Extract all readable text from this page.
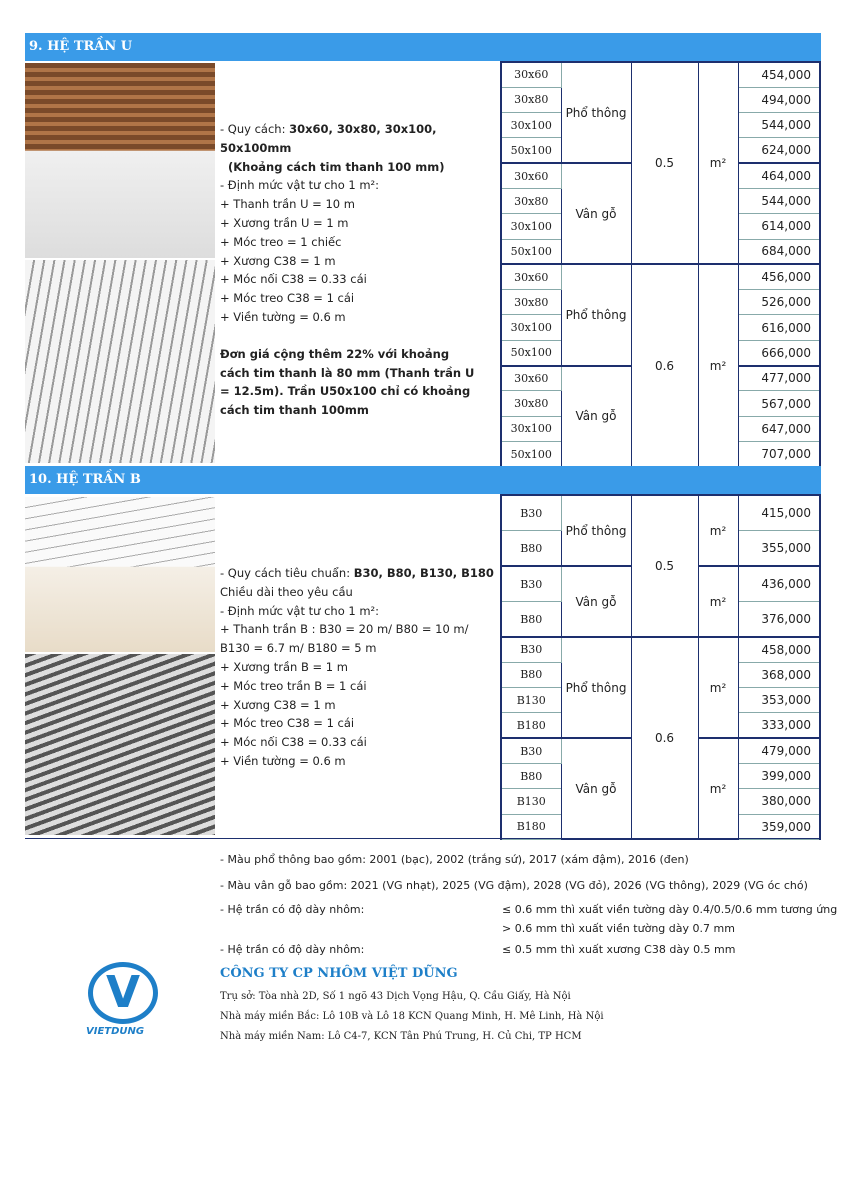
9. HỆ TRẦN U
- Quy cách: 30x60, 30x80, 30x100, 50x100mm
(Khoảng cách tim thanh 100 mm)
- Định mức vật tư cho 1 m²:
+ Thanh trần U = 10 m
+ Xương trần U = 1 m
+ Móc treo = 1 chiếc
+ Xương C38 = 1 m
+ Móc nối C38 = 0.33 cái
+ Móc treo C38 = 1 cái
+ Viền tường = 0.6 m
Đơn giá cộng thêm 22% với khoảng cách tim thanh là 80 mm (Thanh trần U = 12.5m). Trần U50x100 chỉ có khoảng cách tim thanh 100mm
30x60	Phổ thông	0.5	m²	454,000
30x80				494,000
30x100				544,000
50x100				624,000
30x60	Vân gỗ			464,000
30x80				544,000
30x100				614,000
50x100				684,000
30x60	Phổ thông	0.6	m²	456,000
30x80				526,000
30x100				616,000
50x100				666,000
30x60	Vân gỗ			477,000
30x80				567,000
30x100				647,000
50x100				707,000
10. HỆ TRẦN B
- Quy cách tiêu chuẩn: B30, B80, B130, B180
Chiều dài theo yêu cầu
- Định mức vật tư cho 1 m²:
+ Thanh trần B : B30 = 20 m/ B80 = 10 m/ B130 = 6.7 m/ B180 = 5 m
+ Xương trần B = 1 m
+ Móc treo trần B = 1 cái
+ Xương C38 = 1 m
+ Móc treo C38 = 1 cái
+ Móc nối C38 = 0.33 cái
+ Viền tường = 0.6 m
B30	Phổ thông	0.5	m²	415,000
B80				355,000
B30	Vân gỗ		m²	436,000
B80				376,000
B30	Phổ thông	0.6	m²	458,000
B80				368,000
B130				353,000
B180				333,000
B30	Vân gỗ		m²	479,000
B80				399,000
B130				380,000
B180				359,000
- Màu phổ thông bao gồm: 2001 (bạc), 2002 (trắng sứ), 2017 (xám đậm), 2016 (đen)
- Màu vân gỗ bao gồm: 2021 (VG nhạt), 2025 (VG đậm), 2028 (VG đỏ), 2026 (VG thông), 2029 (VG óc chó)
- Hệ trần có độ dày nhôm:	≤ 0.6 mm thì xuất viền tường dày 0.4/0.5/0.6 mm tương ứng
> 0.6 mm thì xuất viền tường dày 0.7 mm
- Hệ trần có độ dày nhôm:	≤ 0.5 mm thì xuất xương C38 dày 0.5 mm
V
VIETDUNG
CÔNG TY CP NHÔM VIỆT DŨNG
Trụ sở: Tòa nhà 2D, Số 1 ngõ 43 Dịch Vọng Hậu, Q. Cầu Giấy, Hà Nội
Nhà máy miền Bắc: Lô 10B và Lô 18 KCN Quang Minh, H. Mê Linh, Hà Nội
Nhà máy miền Nam: Lô C4-7, KCN Tân Phú Trung, H. Củ Chi, TP HCM
